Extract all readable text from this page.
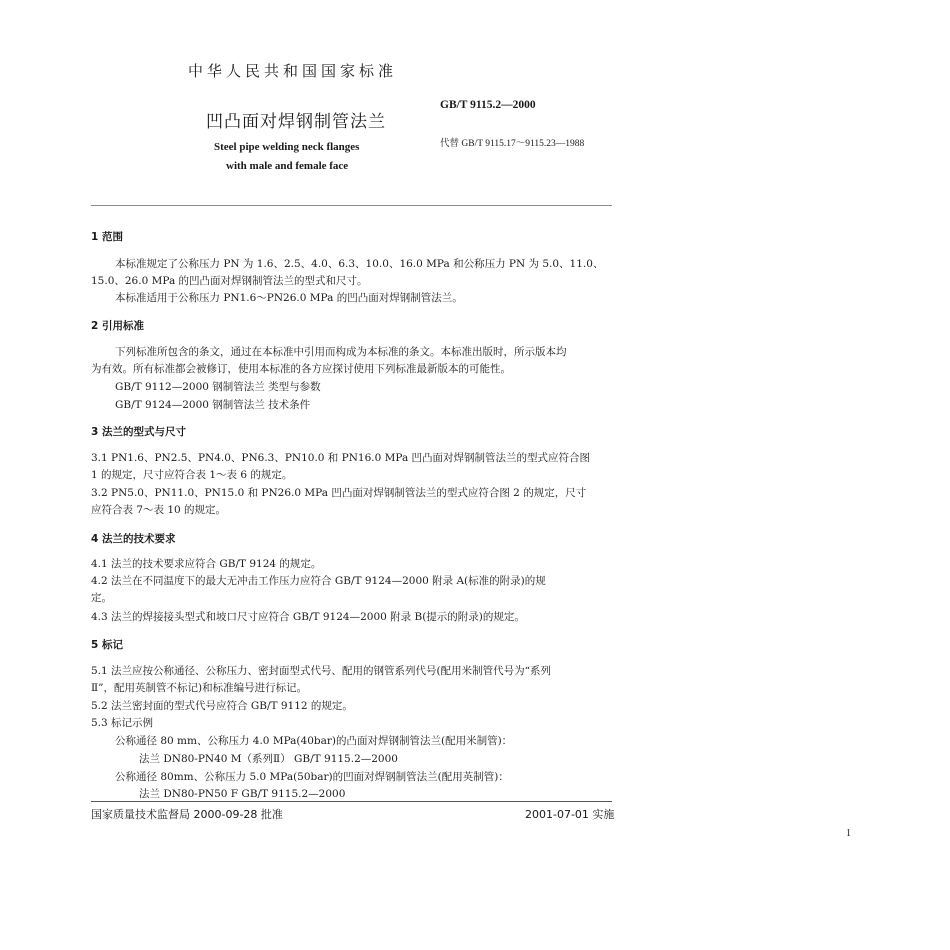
中华人民共和国国家标准
凹凸面对焊钢制管法兰
Steel pipe welding neck flanges
with male and female face
GB/T 9115.2—2000
代替 GB/T 9115.17～9115.23—1988
1 范围
本标准规定了公称压力 PN 为 1.6、2.5、4.0、6.3、10.0、16.0 MPa 和公称压力 PN 为 5.0、11.0、
15.0、26.0 MPa 的凹凸面对焊钢制管法兰的型式和尺寸。
本标准适用于公称压力 PN1.6～PN26.0 MPa 的凹凸面对焊钢制管法兰。
2 引用标准
下列标准所包含的条文，通过在本标准中引用而构成为本标准的条文。本标准出版时，所示版本均
为有效。所有标准都会被修订，使用本标准的各方应探讨使用下列标准最新版本的可能性。
GB/T 9112—2000 钢制管法兰 类型与参数
GB/T 9124—2000 钢制管法兰 技术条件
3 法兰的型式与尺寸
3.1 PN1.6、PN2.5、PN4.0、PN6.3、PN10.0 和 PN16.0 MPa 凹凸面对焊钢制管法兰的型式应符合图
1 的规定，尺寸应符合表 1～表 6 的规定。
3.2 PN5.0、PN11.0、PN15.0 和 PN26.0 MPa 凹凸面对焊钢制管法兰的型式应符合图 2 的规定，尺寸
应符合表 7～表 10 的规定。
4 法兰的技术要求
4.1 法兰的技术要求应符合 GB/T 9124 的规定。
4.2 法兰在不同温度下的最大无冲击工作压力应符合 GB/T 9124—2000 附录 A(标准的附录)的规
定。
4.3 法兰的焊接接头型式和坡口尺寸应符合 GB/T 9124—2000 附录 B(提示的附录)的规定。
5 标记
5.1 法兰应按公称通径、公称压力、密封面型式代号、配用的钢管系列代号(配用米制管代号为“系列
Ⅱ”，配用英制管不标记)和标准编号进行标记。
5.2 法兰密封面的型式代号应符合 GB/T 9112 的规定。
5.3 标记示例
公称通径 80 mm、公称压力 4.0 MPa(40bar)的凸面对焊钢制管法兰(配用米制管)：
法兰 DN80-PN40 M（系列Ⅱ） GB/T 9115.2—2000
公称通径 80mm、公称压力 5.0 MPa(50bar)的凹面对焊钢制管法兰(配用英制管)：
法兰 DN80-PN50 F GB/T 9115.2—2000
国家质量技术监督局 2000-09-28 批准	2001-07-01 实施
1
